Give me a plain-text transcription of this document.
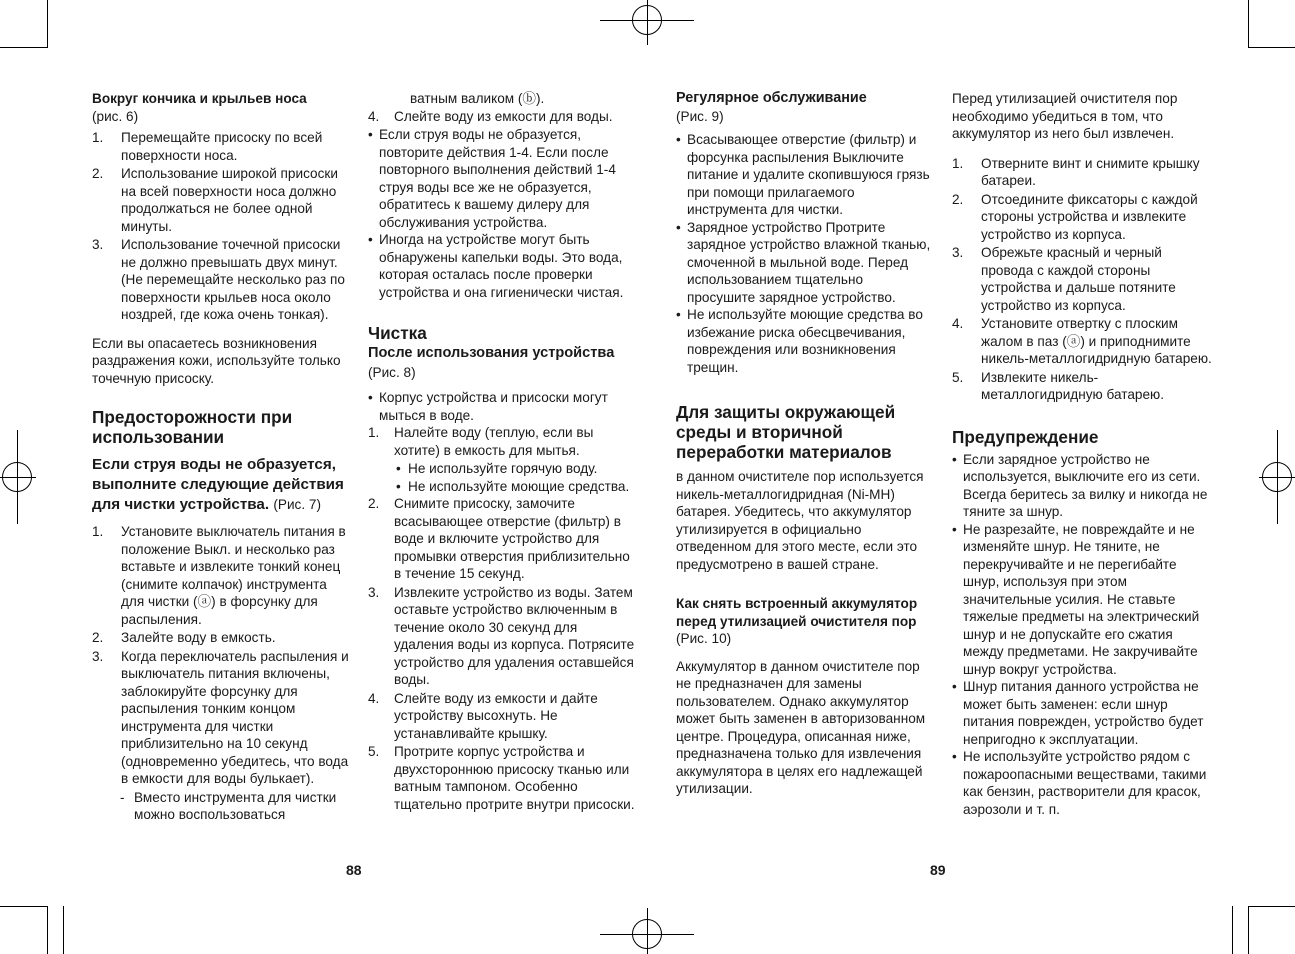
Вокруг кончика и крыльев носа
(рис. 6)
1. Перемещайте присоску по всей поверхности носа.
2. Использование широкой присоски на всей поверхности носа должно продолжаться не более одной минуты.
3. Использование точечной присоски не должно превышать двух минут. (Не перемещайте несколько раз по поверхности крыльев носа около ноздрей, где кожа очень тонкая).
Если вы опасаетесь возникновения раздражения кожи, используйте только точечную присоску.
Предосторожности при использовании
Если струя воды не образуется, выполните следующие действия для чистки устройства. (Рис. 7)
1. Установите выключатель питания в положение Выкл. и несколько раз вставьте и извлеките тонкий конец (снимите колпачок) инструмента для чистки (ⓐ) в форсунку для распыления.
2. Залейте воду в емкость.
3. Когда переключатель распыления и выключатель питания включены, заблокируйте форсунку для распыления тонким концом инструмента для чистки приблизительно на 10 секунд (одновременно убедитесь, что вода в емкости для воды булькает).
- Вместо инструмента для чистки можно воспользоваться
ватным валиком (ⓑ).
4. Слейте воду из емкости для воды.
• Если струя воды не образуется, повторите действия 1-4. Если после повторного выполнения действий 1-4 струя воды все же не образуется, обратитесь к вашему дилеру для обслуживания устройства.
• Иногда на устройстве могут быть обнаружены капельки воды. Это вода, которая осталась после проверки устройства и она гигиенически чистая.
Чистка
После использования устройства (Рис. 8)
• Корпус устройства и присоски могут мыться в воде.
1. Налейте воду (теплую, если вы хотите) в емкость для мытья.
• Не используйте горячую воду.
• Не используйте моющие средства.
2. Снимите присоску, замочите всасывающее отверстие (фильтр) в воде и включите устройство для промывки отверстия приблизительно в течение 15 секунд.
3. Извлеките устройство из воды. Затем оставьте устройство включенным в течение около 30 секунд для удаления воды из корпуса. Потрясите устройство для удаления оставшейся воды.
4. Слейте воду из емкости и дайте устройству высохнуть. Не устанавливайте крышку.
5. Протрите корпус устройства и двухстороннюю присоску тканью или ватным тампоном. Особенно тщательно протрите внутри присоски.
88
Регулярное обслуживание
(Рис. 9)
• Всасывающее отверстие (фильтр) и форсунка распыления Выключите питание и удалите скопившуюся грязь при помощи прилагаемого инструмента для чистки.
• Зарядное устройство Протрите зарядное устройство влажной тканью, смоченной в мыльной воде. Перед использованием тщательно просушите зарядное устройство.
• Не используйте моющие средства во избежание риска обесцвечивания, повреждения или возникновения трещин.
Для защиты окружающей среды и вторичной переработки материалов
в данном очистителе пор используется никель-металлогидридная (Ni-MH) батарея. Убедитесь, что аккумулятор утилизируется в официально отведенном для этого месте, если это предусмотрено в вашей стране.
Как снять встроенный аккумулятор перед утилизацией очистителя пор (Рис. 10)
Аккумулятор в данном очистителе пор не предназначен для замены пользователем. Однако аккумулятор может быть заменен в авторизованном центре. Процедура, описанная ниже, предназначена только для извлечения аккумулятора в целях его надлежащей утилизации.
89
Перед утилизацией очистителя пор необходимо убедиться в том, что аккумулятор из него был извлечен.
1. Отверните винт и снимите крышку батареи.
2. Отсоедините фиксаторы с каждой стороны устройства и извлеките устройство из корпуса.
3. Обрежьте красный и черный провода с каждой стороны устройства и дальше потяните устройство из корпуса.
4. Установите отвертку с плоским жалом в паз (ⓐ) и приподнимите никель-металлогидридную батарею.
5. Извлеките никель-металлогидридную батарею.
Предупреждение
• Если зарядное устройство не используется, выключите его из сети. Всегда беритесь за вилку и никогда не тяните за шнур.
• Не разрезайте, не повреждайте и не изменяйте шнур. Не тяните, не перекручивайте и не перегибайте шнур, используя при этом значительные усилия. Не ставьте тяжелые предметы на электрический шнур и не допускайте его сжатия между предметами. Не закручивайте шнур вокруг устройства.
• Шнур питания данного устройства не может быть заменен: если шнур питания поврежден, устройство будет непригодно к эксплуатации.
• Не используйте устройство рядом с пожароопасными веществами, такими как бензин, растворители для красок, аэрозоли и т. п.
